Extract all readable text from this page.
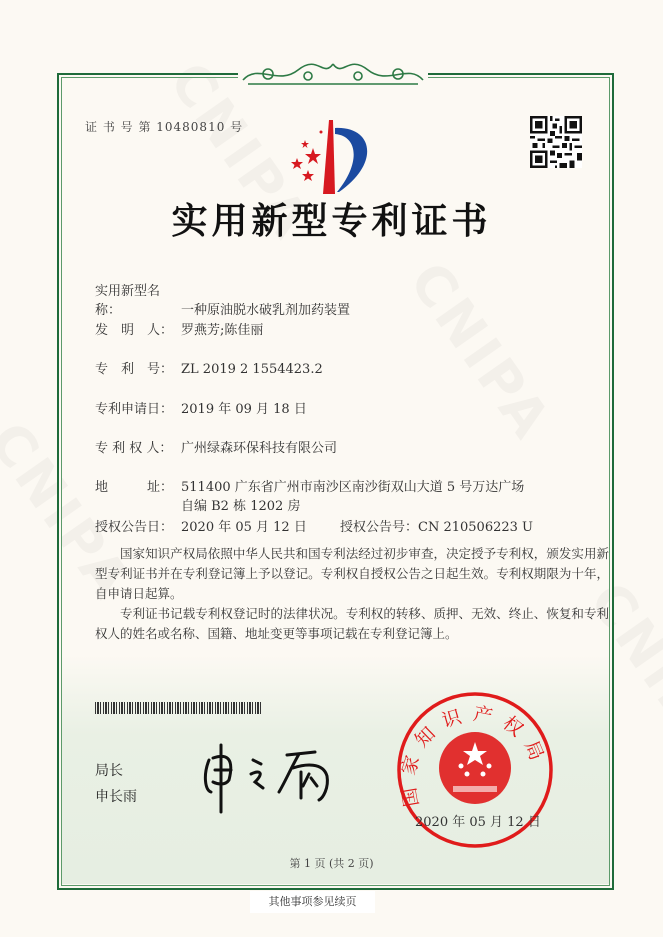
证 书 号 第 10480810 号
实用新型专利证书
实用新型名称：	一种原油脱水破乳剂加药装置
发　明　人： 罗燕芳;陈佳丽
专　利　号： ZL 2019 2 1554423.2
专利申请日： 2019 年 09 月 18 日
专 利 权 人： 广州绿森环保科技有限公司
地　　　址： 511400 广东省广州市南沙区南沙街双山大道 5 号万达广场
自编 B2 栋 1202 房
授权公告日： 2020 年 05 月 12 日	授权公告号：CN 210506223 U

国家知识产权局依照中华人民共和国专利法经过初步审查，决定授予专利权，颁发实用新型专利证书并在专利登记簿上予以登记。专利权自授权公告之日起生效。专利权期限为十年，自申请日起算。

专利证书记载专利权登记时的法律状况。专利权的转移、质押、无效、终止、恢复和专利权人的姓名或名称、国籍、地址变更等事项记载在专利登记簿上。

局长
申长雨	国家知识产权局
2020 年 05 月 12 日
第 1 页 (共 2 页)
其他事项参见续页
